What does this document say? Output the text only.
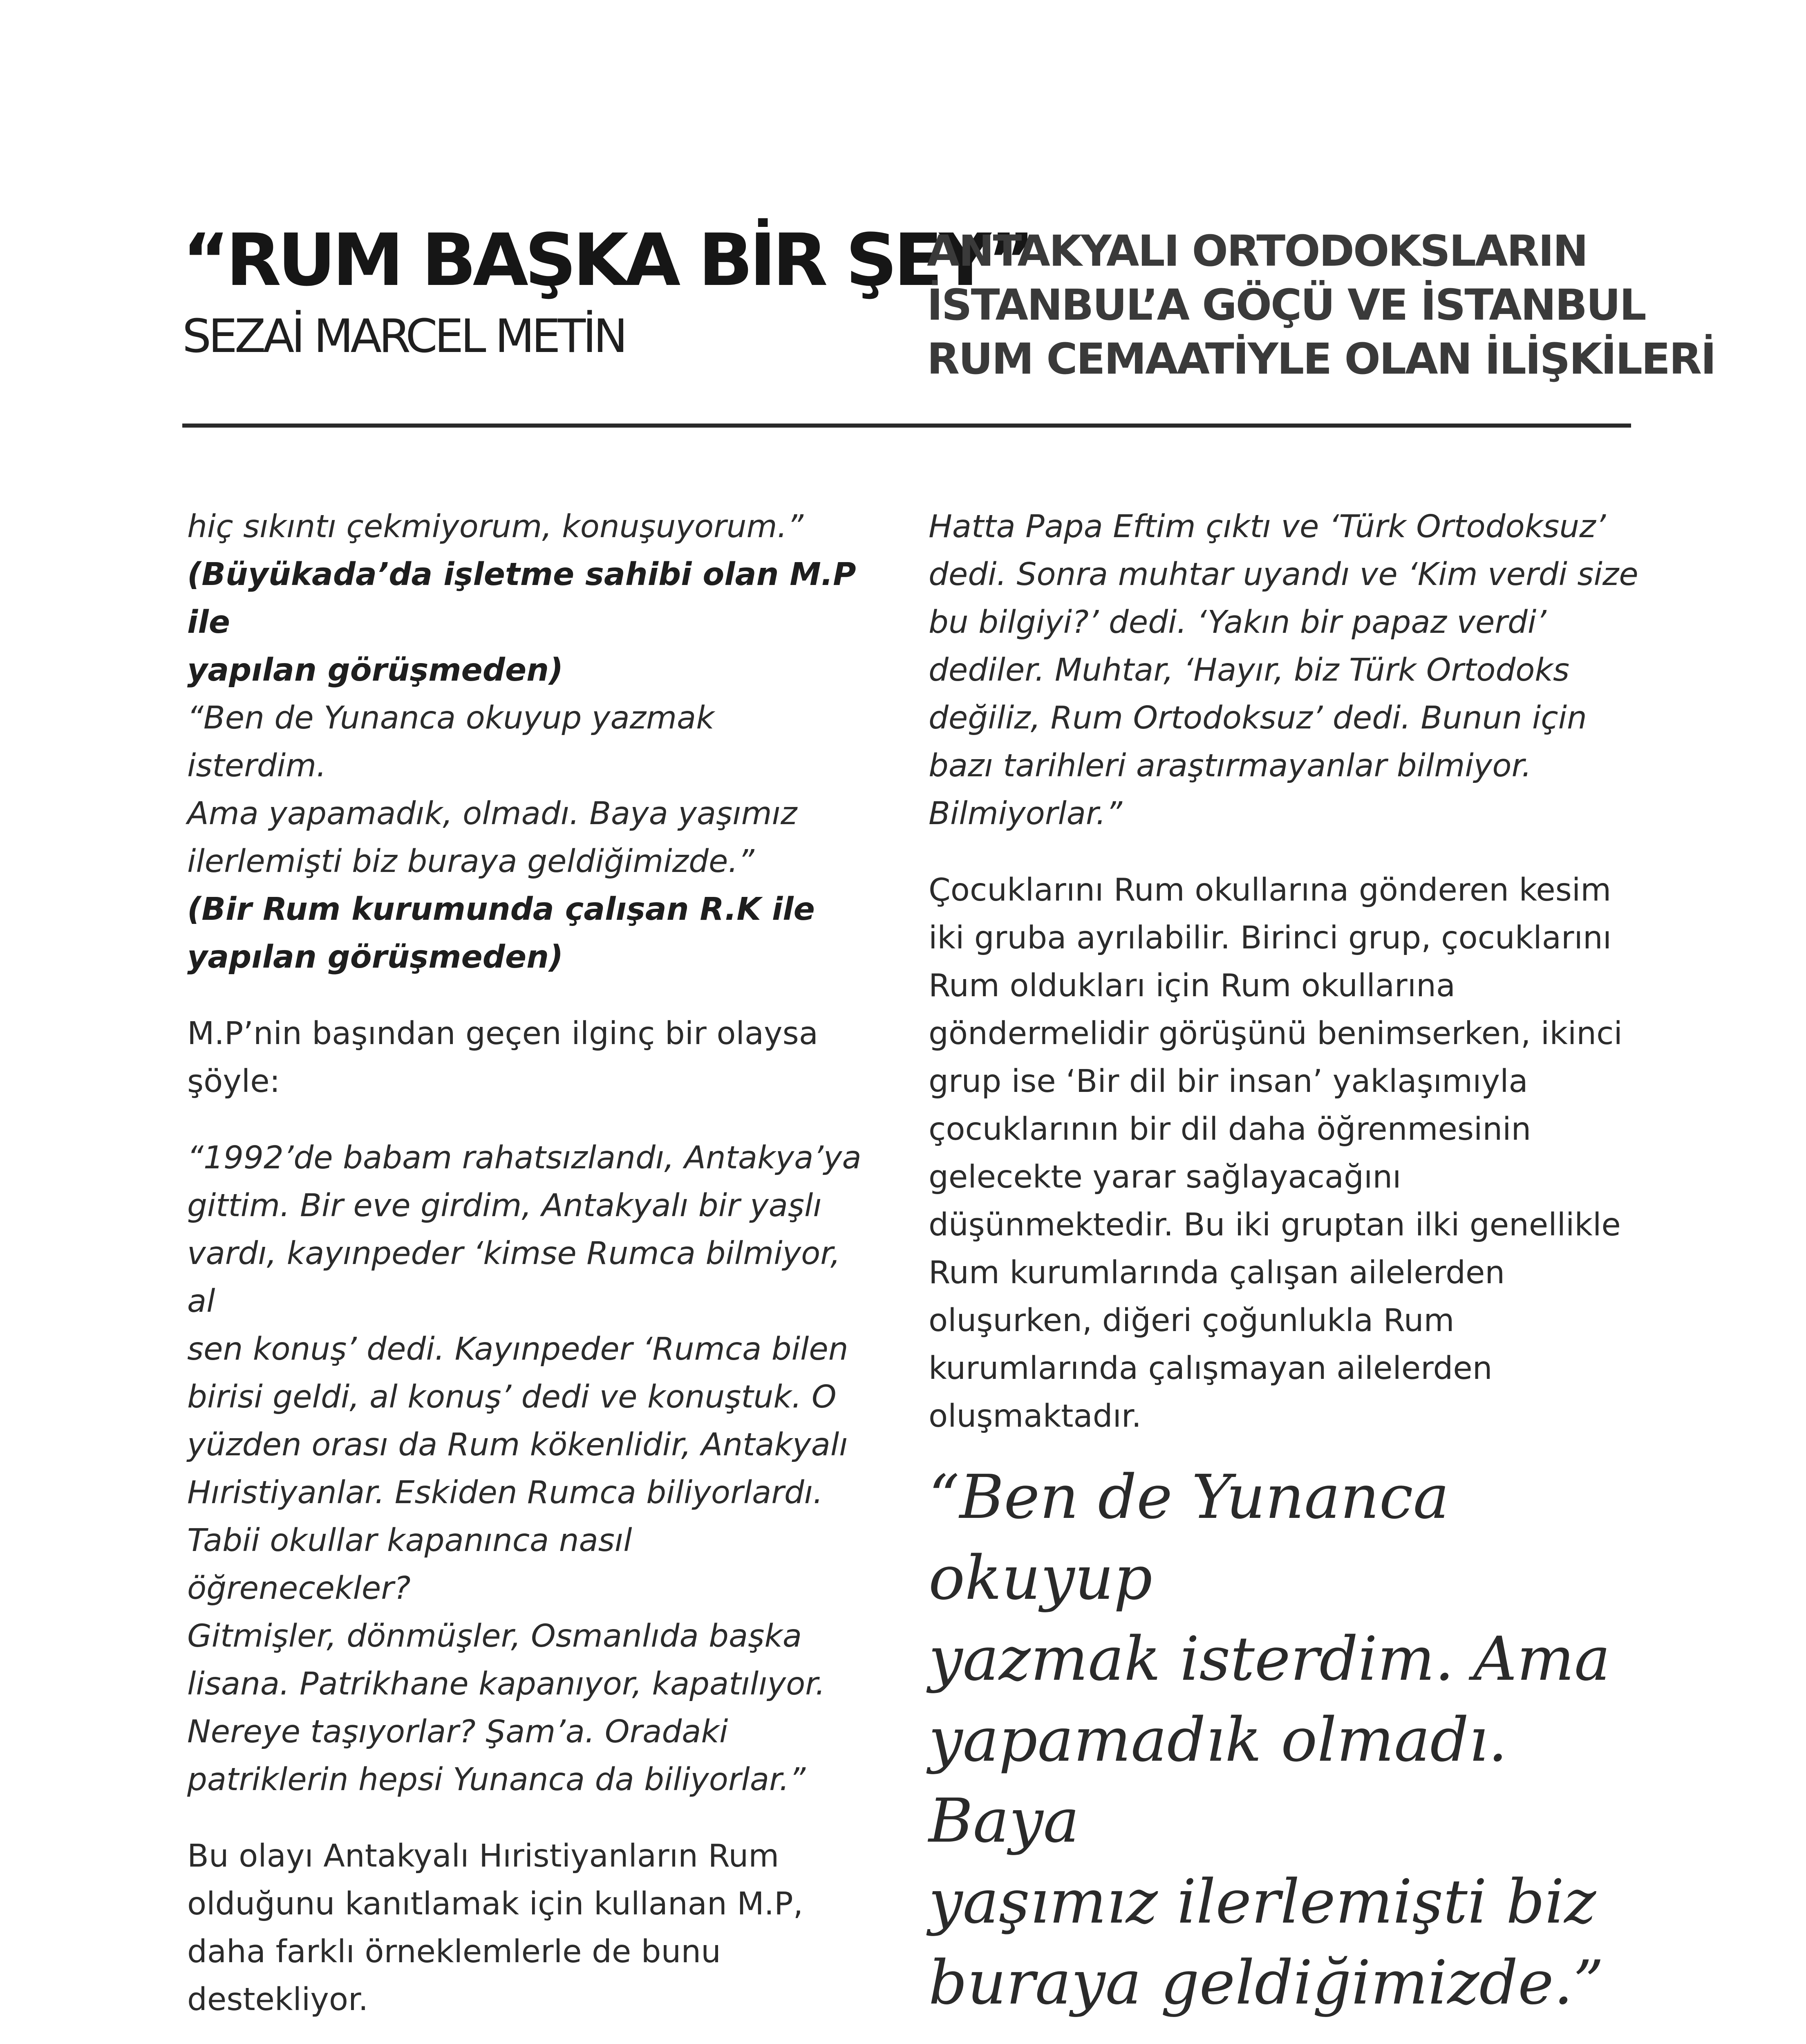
“RUM BAŞKA BİR ŞEY”
SEZAİ MARCEL METİN
ANTAKYALI ORTODOKSLARIN
İSTANBUL’A GÖÇÜ VE İSTANBUL
RUM CEMAATİYLE OLAN İLİŞKİLERİ

hiç sıkıntı çekmiyorum, konuşuyorum.”

(Büyükada’da işletme sahibi olan M.P ile

yapılan görüşmeden)

“Ben de Yunanca okuyup yazmak isterdim.

Ama yapamadık, olmadı. Baya yaşımız

ilerlemişti biz buraya geldiğimizde.”

(Bir Rum kurumunda çalışan R.K ile

yapılan görüşmeden)

M.P’nin başından geçen ilginç bir olaysa

şöyle:

“1992’de babam rahatsızlandı, Antakya’ya

gittim. Bir eve girdim, Antakyalı bir yaşlı

vardı, kayınpeder ‘kimse Rumca bilmiyor, al

sen konuş’ dedi. Kayınpeder ‘Rumca bilen

birisi geldi, al konuş’ dedi ve konuştuk. O

yüzden orası da Rum kökenlidir, Antakyalı

Hıristiyanlar. Eskiden Rumca biliyorlardı.

Tabii okullar kapanınca nasıl öğrenecekler?

Gitmişler, dönmüşler, Osmanlıda başka

lisana. Patrikhane kapanıyor, kapatılıyor.

Nereye taşıyorlar? Şam’a. Oradaki

patriklerin hepsi Yunanca da biliyorlar.”

Bu olayı Antakyalı Hıristiyanların Rum

olduğunu kanıtlamak için kullanan M.P,

daha farklı örneklemlerle de bunu

destekliyor.

Hatta Papa Eftim çıktı ve ‘Türk Ortodoksuz’

dedi. Sonra muhtar uyandı ve ‘Kim verdi size

bu bilgiyi?’ dedi. ‘Yakın bir papaz verdi’

dediler. Muhtar, ‘Hayır, biz Türk Ortodoks

değiliz, Rum Ortodoksuz’ dedi. Bunun için

bazı tarihleri araştırmayanlar bilmiyor.

Bilmiyorlar.”

Çocuklarını Rum okullarına gönderen kesim

iki gruba ayrılabilir. Birinci grup, çocuklarını

Rum oldukları için Rum okullarına

göndermelidir görüşünü benimserken, ikinci

grup ise ‘Bir dil bir insan’ yaklaşımıyla

çocuklarının bir dil daha öğrenmesinin

gelecekte yarar sağlayacağını

düşünmektedir. Bu iki gruptan ilki genellikle

Rum kurumlarında çalışan ailelerden

oluşurken, diğeri çoğunlukla Rum

kurumlarında çalışmayan ailelerden

oluşmaktadır.

“Ben de Yunanca okuyup

yazmak isterdim. Ama

yapamadık olmadı. Baya

yaşımız ilerlemişti biz

buraya geldiğimizde.”
